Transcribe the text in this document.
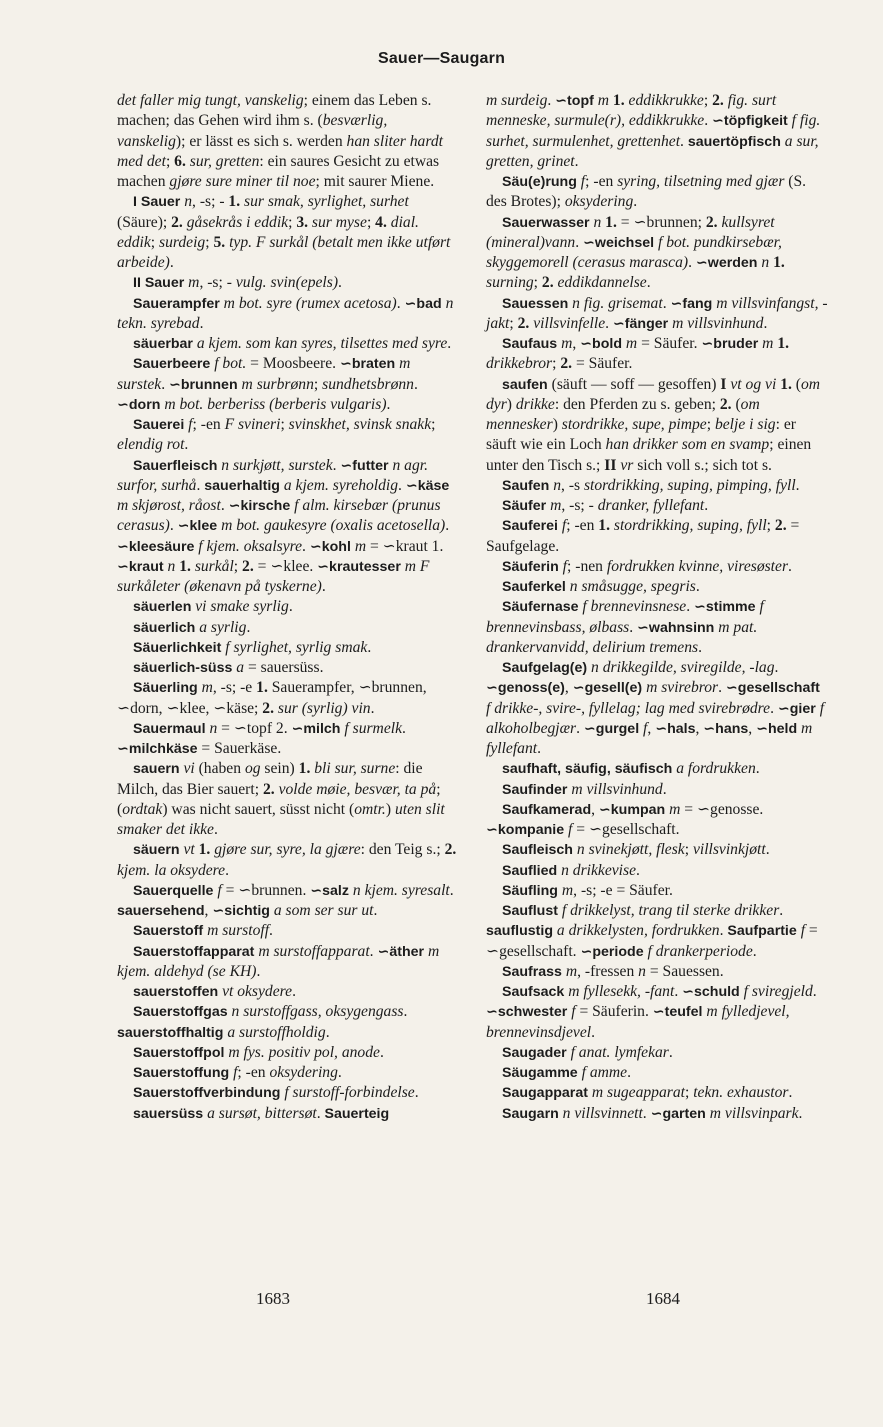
Sauer—Saugarn

det faller mig tungt, vanskelig; einem das Leben s. machen; das Gehen wird ihm s. (besværlig, vanskelig); er lässt es sich s. werden han sliter hardt med det; 6. sur, gretten: ein saures Gesicht zu etwas machen gjøre sure miner til noe; mit saurer Miene.

I Sauer n, -s; - 1. sur smak, syrlighet, surhet (Säure); 2. gåsekrås i eddik; 3. sur myse; 4. dial. eddik; surdeig; 5. typ. F surkål (betalt men ikke utført arbeide).

II Sauer m, -s; - vulg. svin(epels).

Sauerampfer m bot. syre (rumex acetosa). ∽bad n tekn. syrebad.

säuerbar a kjem. som kan syres, tilsettes med syre.

Sauerbeere f bot. = Moosbeere. ∽braten m surstek. ∽brunnen m surbrønn; sundhetsbrønn. ∽dorn m bot. berberiss (berberis vulgaris).

Sauerei f; -en F svineri; svinskhet, svinsk snakk; elendig rot.

Sauerfleisch n surkjøtt, surstek. ∽futter n agr. surfor, surhå. sauerhaltig a kjem. syreholdig. ∽käse m skjørost, råost. ∽kirsche f alm. kirsebær (prunus cerasus). ∽klee m bot. gaukesyre (oxalis acetosella). ∽kleesäure f kjem. oksalsyre. ∽kohl m = ∽kraut 1. ∽kraut n 1. surkål; 2. = ∽klee. ∽krautesser m F surkåleter (økenavn på tyskerne).

säuerlen vi smake syrlig.

säuerlich a syrlig.

Säuerlichkeit f syrlighet, syrlig smak.

säuerlich-süss a = sauersüss.

Säuerling m, -s; -e 1. Sauerampfer, ∽brunnen, ∽dorn, ∽klee, ∽käse; 2. sur (syrlig) vin.

Sauermaul n = ∽topf 2. ∽milch f surmelk. ∽milchkäse = Sauerkäse.

sauern vi (haben og sein) 1. bli sur, surne: die Milch, das Bier sauert; 2. volde møie, besvær, ta på; (ordtak) was nicht sauert, süsst nicht (omtr.) uten slit smaker det ikke.

säuern vt 1. gjøre sur, syre, la gjære: den Teig s.; 2. kjem. la oksydere.

Sauerquelle f = ∽brunnen. ∽salz n kjem. syresalt. sauersehend, ∽sichtig a som ser sur ut.

Sauerstoff m surstoff.

Sauerstoffapparat m surstoffapparat. ∽äther m kjem. aldehyd (se KH).

sauerstoffen vt oksydere.

Sauerstoffgas n surstoffgass, oksygengass. sauerstoffhaltig a surstoffholdig.

Sauerstoffpol m fys. positiv pol, anode.

Sauerstoffung f; -en oksydering.

Sauerstoffverbindung f surstoff-forbindelse.

sauersüss a sursøt, bittersøt. Sauerteig

m surdeig. ∽topf m 1. eddikkrukke; 2. fig. surt menneske, surmule(r), eddikkrukke. ∽töpfigkeit f fig. surhet, surmulenhet, grettenhet. sauertöpfisch a sur, gretten, grinet.

Säu(e)rung f; -en syring, tilsetning med gjær (S. des Brotes); oksydering.

Sauerwasser n 1. = ∽brunnen; 2. kullsyret (mineral)vann. ∽weichsel f bot. pundkirsebær, skyggemorell (cerasus marasca). ∽werden n 1. surning; 2. eddikdannelse.

Sauessen n fig. grisemat. ∽fang m villsvinfangst, -jakt; 2. villsvinfelle. ∽fänger m villsvinhund.

Saufaus m, ∽bold m = Säufer. ∽bruder m 1. drikkebror; 2. = Säufer.

saufen (säuft — soff — gesoffen) I vt og vi 1. (om dyr) drikke: den Pferden zu s. geben; 2. (om mennesker) stordrikke, supe, pimpe; belje i sig: er säuft wie ein Loch han drikker som en svamp; einen unter den Tisch s.; II vr sich voll s.; sich tot s.

Saufen n, -s stordrikking, suping, pimping, fyll.

Säufer m, -s; - dranker, fyllefant.

Sauferei f; -en 1. stordrikking, suping, fyll; 2. = Saufgelage.

Säuferin f; -nen fordrukken kvinne, viresøster.

Sauferkel n småsugge, spegris.

Säufernase f brennevinsnese. ∽stimme f brennevinsbass, ølbass. ∽wahnsinn m pat. drankervanvidd, delirium tremens.

Saufgelag(e) n drikkegilde, sviregilde, -lag. ∽genoss(e), ∽gesell(e) m svirebror. ∽gesellschaft f drikke-, svire-, fyllelag; lag med svirebrødre. ∽gier f alkoholbegjær. ∽gurgel f, ∽hals, ∽hans, ∽held m fyllefant.

saufhaft, säufig, säufisch a fordrukken.

Saufinder m villsvinhund.

Saufkamerad, ∽kumpan m = ∽genosse. ∽kompanie f = ∽gesellschaft.

Saufleisch n svinekjøtt, flesk; villsvinkjøtt.

Sauflied n drikkevise.

Säufling m, -s; -e = Säufer.

Sauflust f drikkelyst, trang til sterke drikker. sauflustig a drikkelysten, fordrukken. Saufpartie f = ∽gesellschaft. ∽periode f drankerperiode.

Saufrass m, -fressen n = Sauessen.

Saufsack m fyllesekk, -fant. ∽schuld f sviregjeld. ∽schwester f = Säuferin. ∽teufel m fylledjevel, brennevinsdjevel.

Saugader f anat. lymfekar.

Säugamme f amme.

Saugapparat m sugeapparat; tekn. exhaustor.

Saugarn n villsvinnett. ∽garten m villsvinpark.

1683	1684
